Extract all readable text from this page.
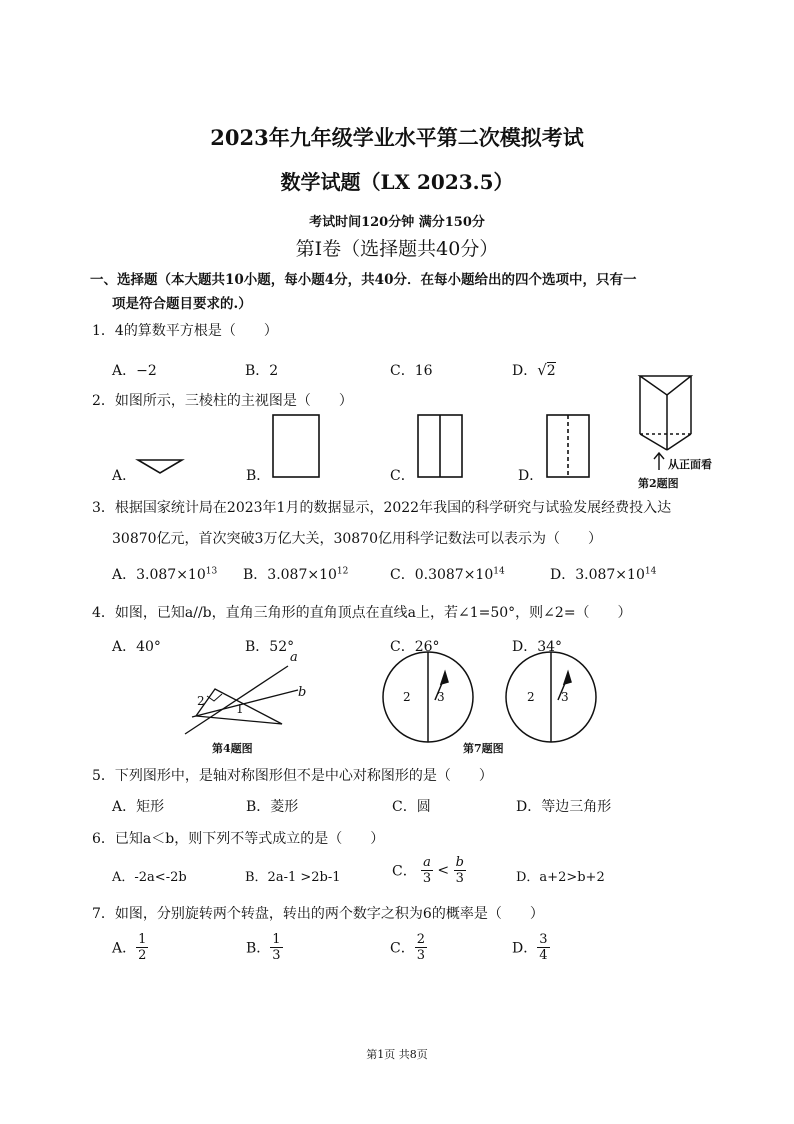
2023年九年级学业水平第二次模拟考试
数学试题（LX 2023.5）
考试时间120分钟 满分150分
第Ⅰ卷（选择题共40分）
一、选择题（本大题共10小题，每小题4分，共40分．在每小题给出的四个选项中，只有一
项是符合题目要求的.）
1．4的算数平方根是（　　）
A．−2	B．2	C．16	D．√2
2．如图所示，三棱柱的主视图是（　　）
A．	B．	C．	D．
从正面看
第2题图
3．根据国家统计局在2023年1月的数据显示，2022年我国的科学研究与试验发展经费投入达
30870亿元，首次突破3万亿大关，30870亿用科学记数法可以表示为（　　）
A．$3.087\times 10^{13}$ B．$3.087\times 10^{12}$	C．$0.3087\times 10^{14}$	D．$3.087\times 10^{14}$
4．如图，已知a//b，直角三角形的直角顶点在直线a上，若∠1=50°，则∠2=（　　）
A．40°	B．52°	C．26°	D．34°
a
b
2
1
第4题图
2 3	2 3
第7题图
5．下列图形中，是轴对称图形但不是中心对称图形的是（　　）
A．矩形	B．菱形	C．圆	D．等边三角形
6．已知a＜b，则下列不等式成立的是（　　）
A．-2a<-2b	B．2a-1 >2b-1	C． $\frac{a}{3} < \frac{b}{3}$	D．a+2>b+2
7．如图，分别旋转两个转盘，转出的两个数字之积为6的概率是（　　）
A． $\frac{1}{2}$	B． $\frac{1}{3}$	C． $\frac{2}{3}$	D． $\frac{3}{4}$
第1页 共8页
